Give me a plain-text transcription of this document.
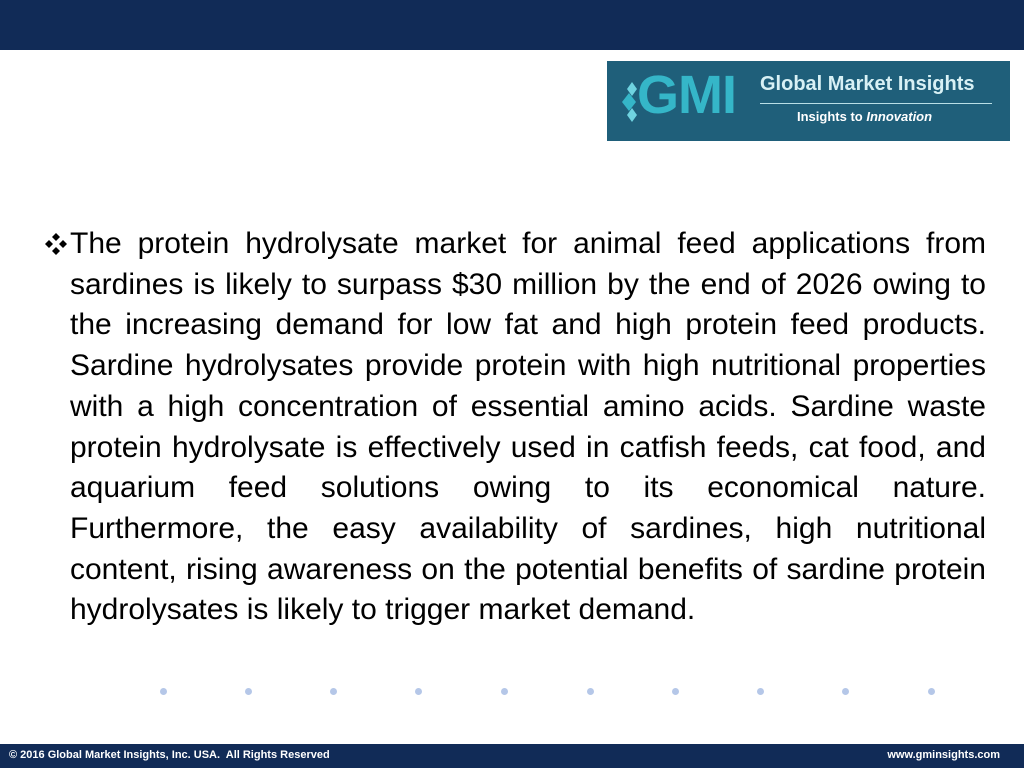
GMI Global Market Insights
Insights to Innovation

The protein hydrolysate market for animal feed applications from sardines is likely to surpass $30 million by the end of 2026 owing to the increasing demand for low fat and high protein feed products. Sardine hydrolysates provide protein with high nutritional properties with a high concentration of essential amino acids. Sardine waste protein hydrolysate is effectively used in catfish feeds, cat food, and aquarium feed solutions owing to its economical nature. Furthermore, the easy availability of sardines, high nutritional content, rising awareness on the potential benefits of sardine protein hydrolysates is likely to trigger market demand.

© 2016 Global Market Insights, Inc. USA.  All Rights Reserved	www.gminsights.com
